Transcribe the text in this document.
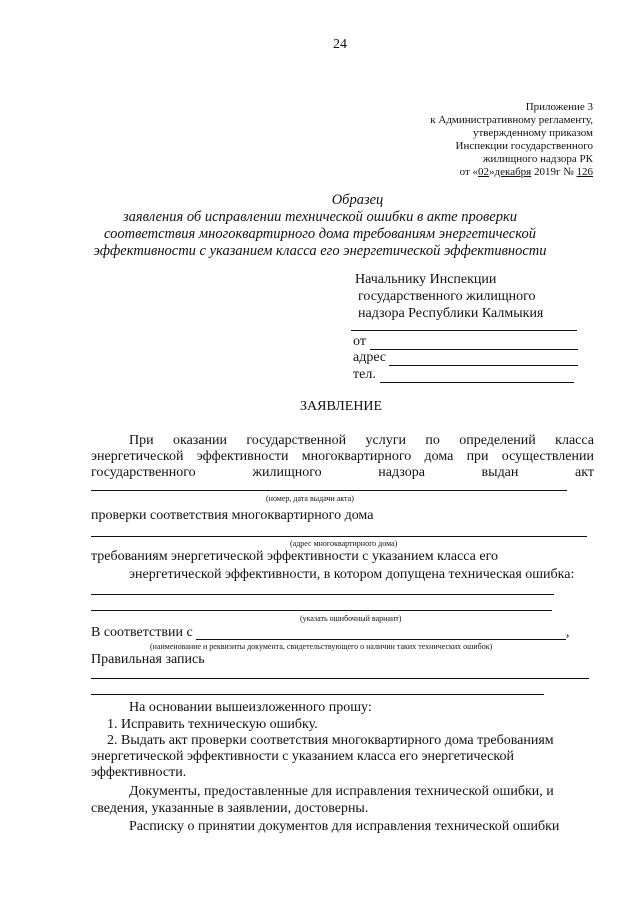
24
Приложение 3
к Административному регламенту,
утвержденному приказом
Инспекции государственного
жилищного надзора РК
от «02»декабря 2019г № 126
Образец
заявления об исправлении технической ошибки в акте проверки
соответствия многоквартирного дома требованиям энергетической
эффективности с указанием класса его энергетической эффективности
Начальнику Инспекции
государственного жилищного
надзора Республики Калмыкия
от
адрес
тел.
ЗАЯВЛЕНИЕ
При оказании государственной услуги по определений класса
энергетической эффективности многоквартирного дома при осуществлении
государственного	жилищного	надзора	выдан	акт
(номер, дата выдачи акта)
проверки соответствия многоквартирного дома
(адрес многоквартирного дома)
требованиям энергетической эффективности с указанием класса его
энергетической эффективности, в котором допущена техническая ошибка:
(указать ошибочный вариант)
В соответствии с	,
(наименование и реквизиты документа, свидетельствующего о наличии таких технических ошибок)
Правильная запись
На основании вышеизложенного прошу:
1. Исправить техническую ошибку.
2. Выдать акт проверки соответствия многоквартирного дома требованиям
энергетической эффективности с указанием класса его энергетической
эффективности.
Документы, предоставленные для исправления технической ошибки, и
сведения, указанные в заявлении, достоверны.
Расписку о принятии документов для исправления технической ошибки
